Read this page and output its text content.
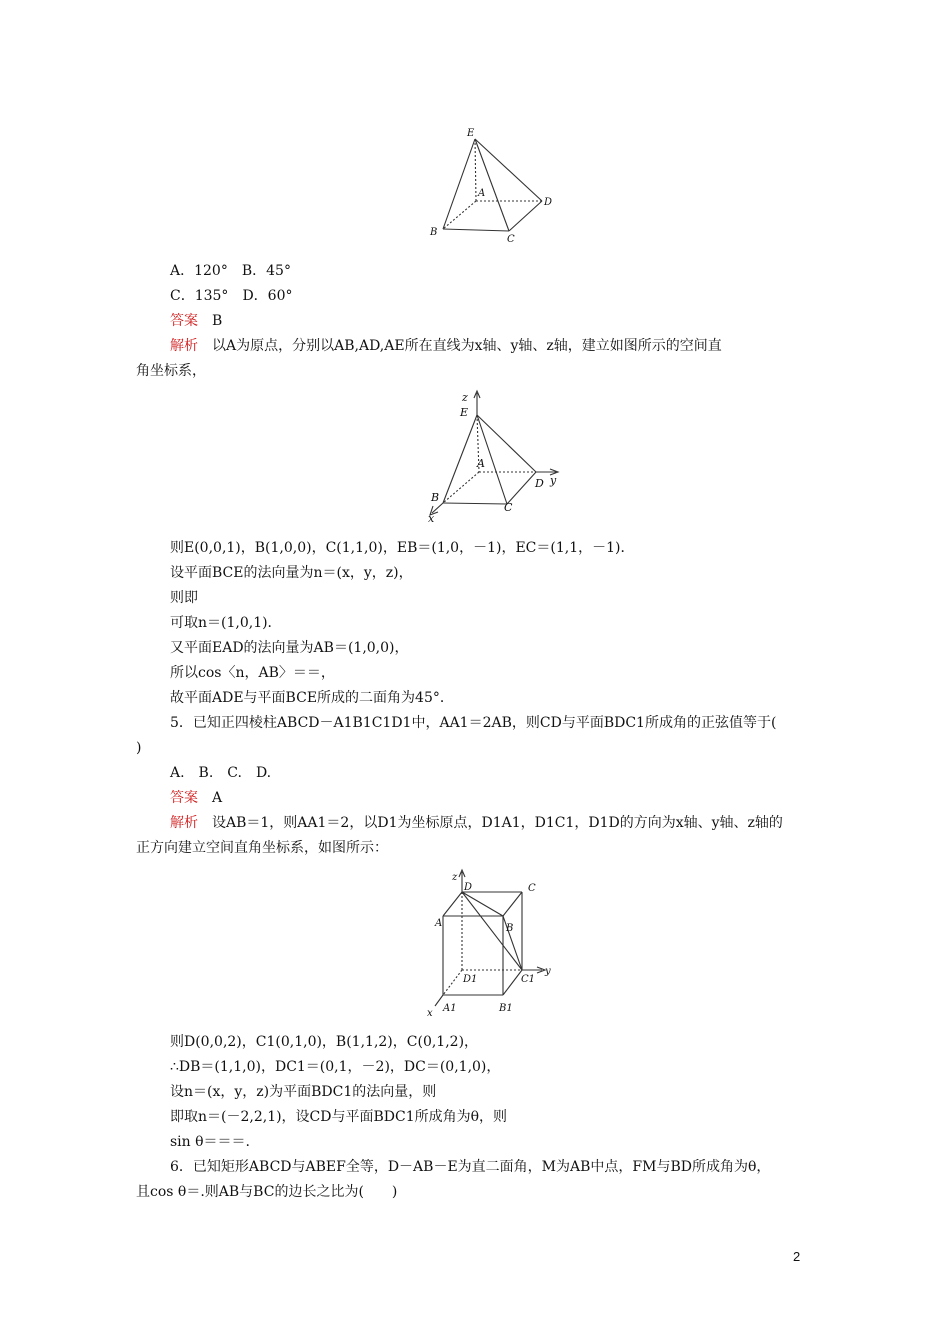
E
A
B
C
D
A．120°　 B．45°
C．135°　 D．60°
答案　 B
解析　 以A为原点，分别以AB,AD,AE所在直线为x轴、y轴、z轴，建立如图所示的空间直
角坐标系，
z
E
A
B
C
D y
x
则E(0,0,1)，B(1,0,0)，C(1,1,0)，EB＝(1,0，－1)，EC＝(1,1，－1)．
设平面BCE的法向量为n＝(x，y，z)，
则即
可取n＝(1,0,1)．
又平面EAD的法向量为AB＝(1,0,0)，
所以cos〈n，AB〉＝＝，
故平面ADE与平面BCE所成的二面角为45°．
5．已知正四棱柱ABCD－A1B1C1D1中，AA1＝2AB，则CD与平面BDC1所成角的正弦值等于(
)
A.　B.　C.　D.
答案　 A
解析　 设AB＝1，则AA1＝2，以D1为坐标原点，D1A1，D1C1，D1D的方向为x轴、y轴、z轴的
正方向建立空间直角坐标系，如图所示：
z
D	C
A	B
D1	C1
y
x A1	B1
则D(0,0,2)，C1(0,1,0)，B(1,1,2)，C(0,1,2)，
∴DB＝(1,1,0)，DC1＝(0,1，－2)，DC＝(0,1,0)，
设n＝(x，y，z)为平面BDC1的法向量，则
即取n＝(－2,2,1)，设CD与平面BDC1所成角为θ，则
sin θ＝＝＝.
6．已知矩形ABCD与ABEF全等，D－AB－E为直二面角，M为AB中点，FM与BD所成角为θ，
且cos θ＝.则AB与BC的边长之比为(　　)
2
